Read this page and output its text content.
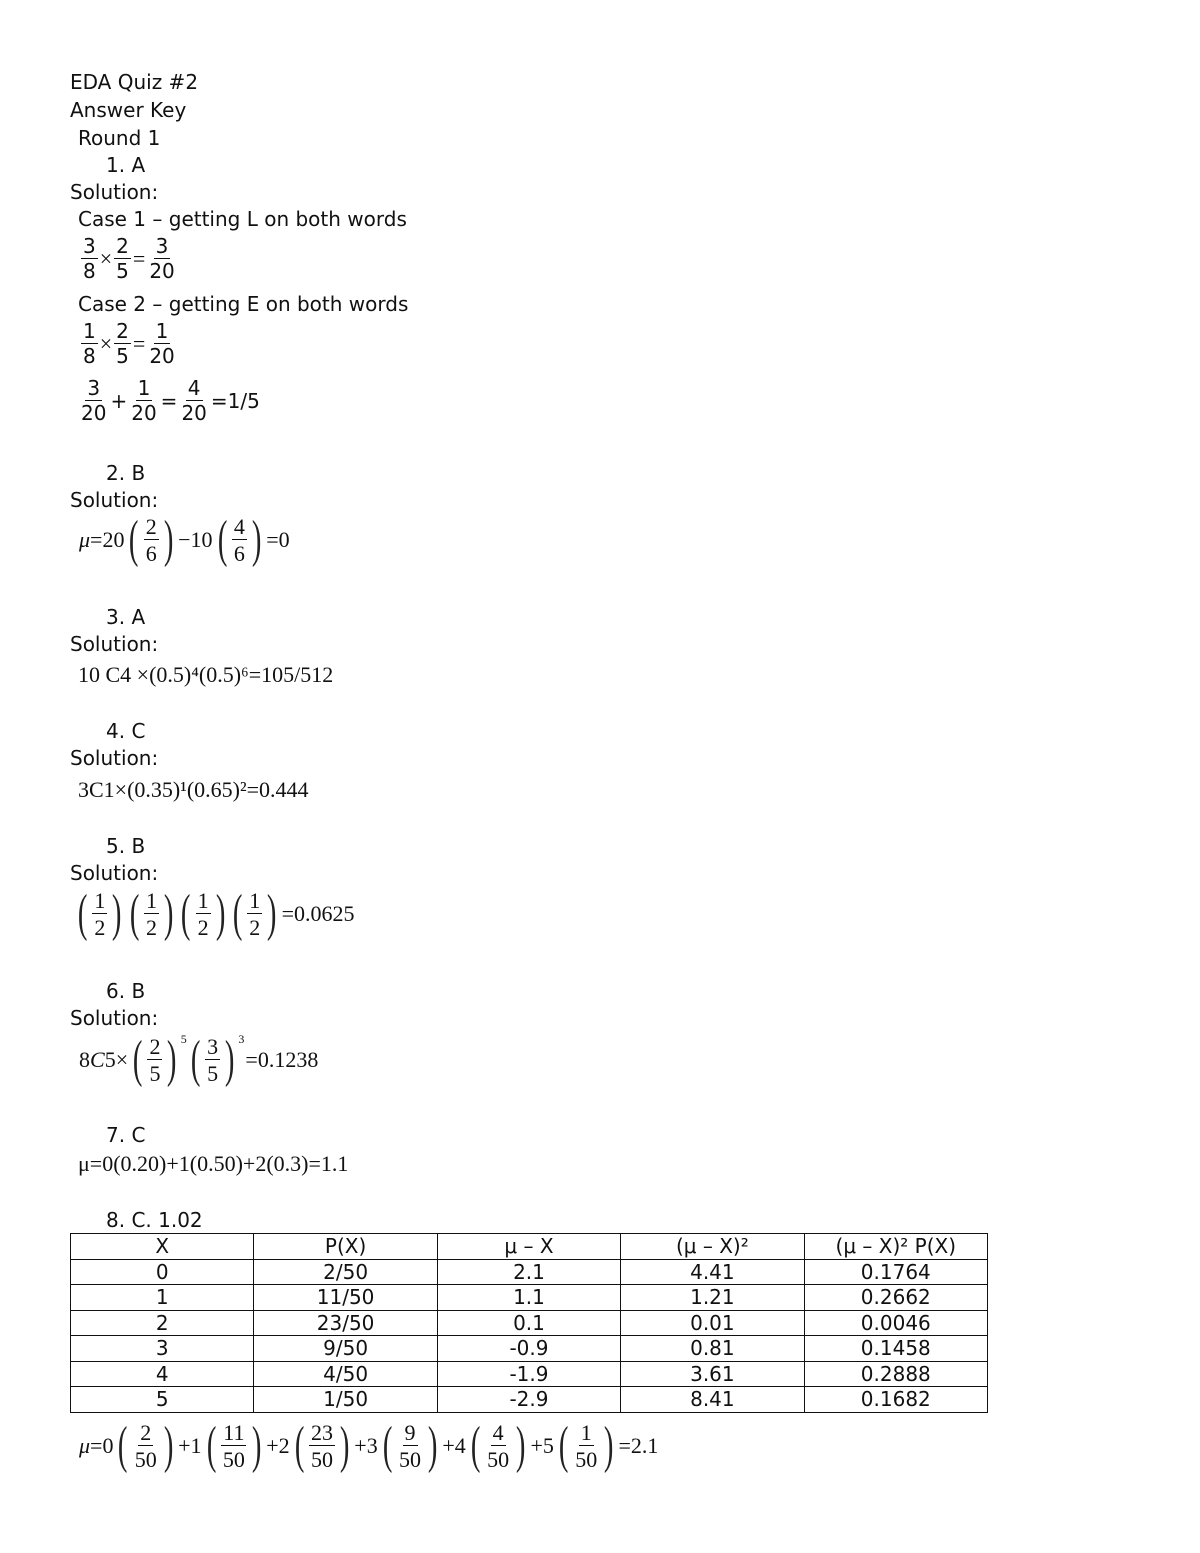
EDA Quiz #2
Answer Key
Round 1
1. A
Solution:
Case 1 – getting L on both words
$\frac{3}{8} \times \frac{2}{5} = \frac{3}{20}$
Case 2 – getting E on both words
$\frac{1}{8} \times \frac{2}{5} = \frac{1}{20}$
$\frac{3}{20} + \frac{1}{20} = \frac{4}{20} =1/5$
2. B
Solution:
μ=20 ( $\frac{2}{6}$ ) −10 ( $\frac{4}{6}$ ) =0
3. A
Solution:
10 C4 ×(0.5)⁴(0.5)⁶=105/512
4. C
Solution:
3C1×(0.35)¹(0.65)²=0.444
5. B
Solution:
( $\frac{1}{2}$ ) ( $\frac{1}{2}$ ) ( $\frac{1}{2}$ ) ( $\frac{1}{2}$ ) =0.0625
6. B
Solution:
8C5× ( $\frac{2}{5}$ ) $^5$ ( $\frac{3}{5}$ ) $^3$=0.1238
7. C
μ=0(0.20)+1(0.50)+2(0.3)=1.1
8. C. 1.02
X	P(X)	μ – X	(μ – X)²	(μ – X)² P(X)
0	2/50	2.1	4.41	0.1764
1	11/50	1.1	1.21	0.2662
2	23/50	0.1	0.01	0.0046
3	9/50	-0.9	0.81	0.1458
4	4/50	-1.9	3.61	0.2888
5	1/50	-2.9	8.41	0.1682
μ=0 ( $\frac{2}{50}$ ) +1 ( $\frac{11}{50}$ ) +2 ( $\frac{23}{50}$ ) +3 ( $\frac{9}{50}$ ) +4 ( $\frac{4}{50}$ ) +5 ( $\frac{1}{50}$ ) =2.1
